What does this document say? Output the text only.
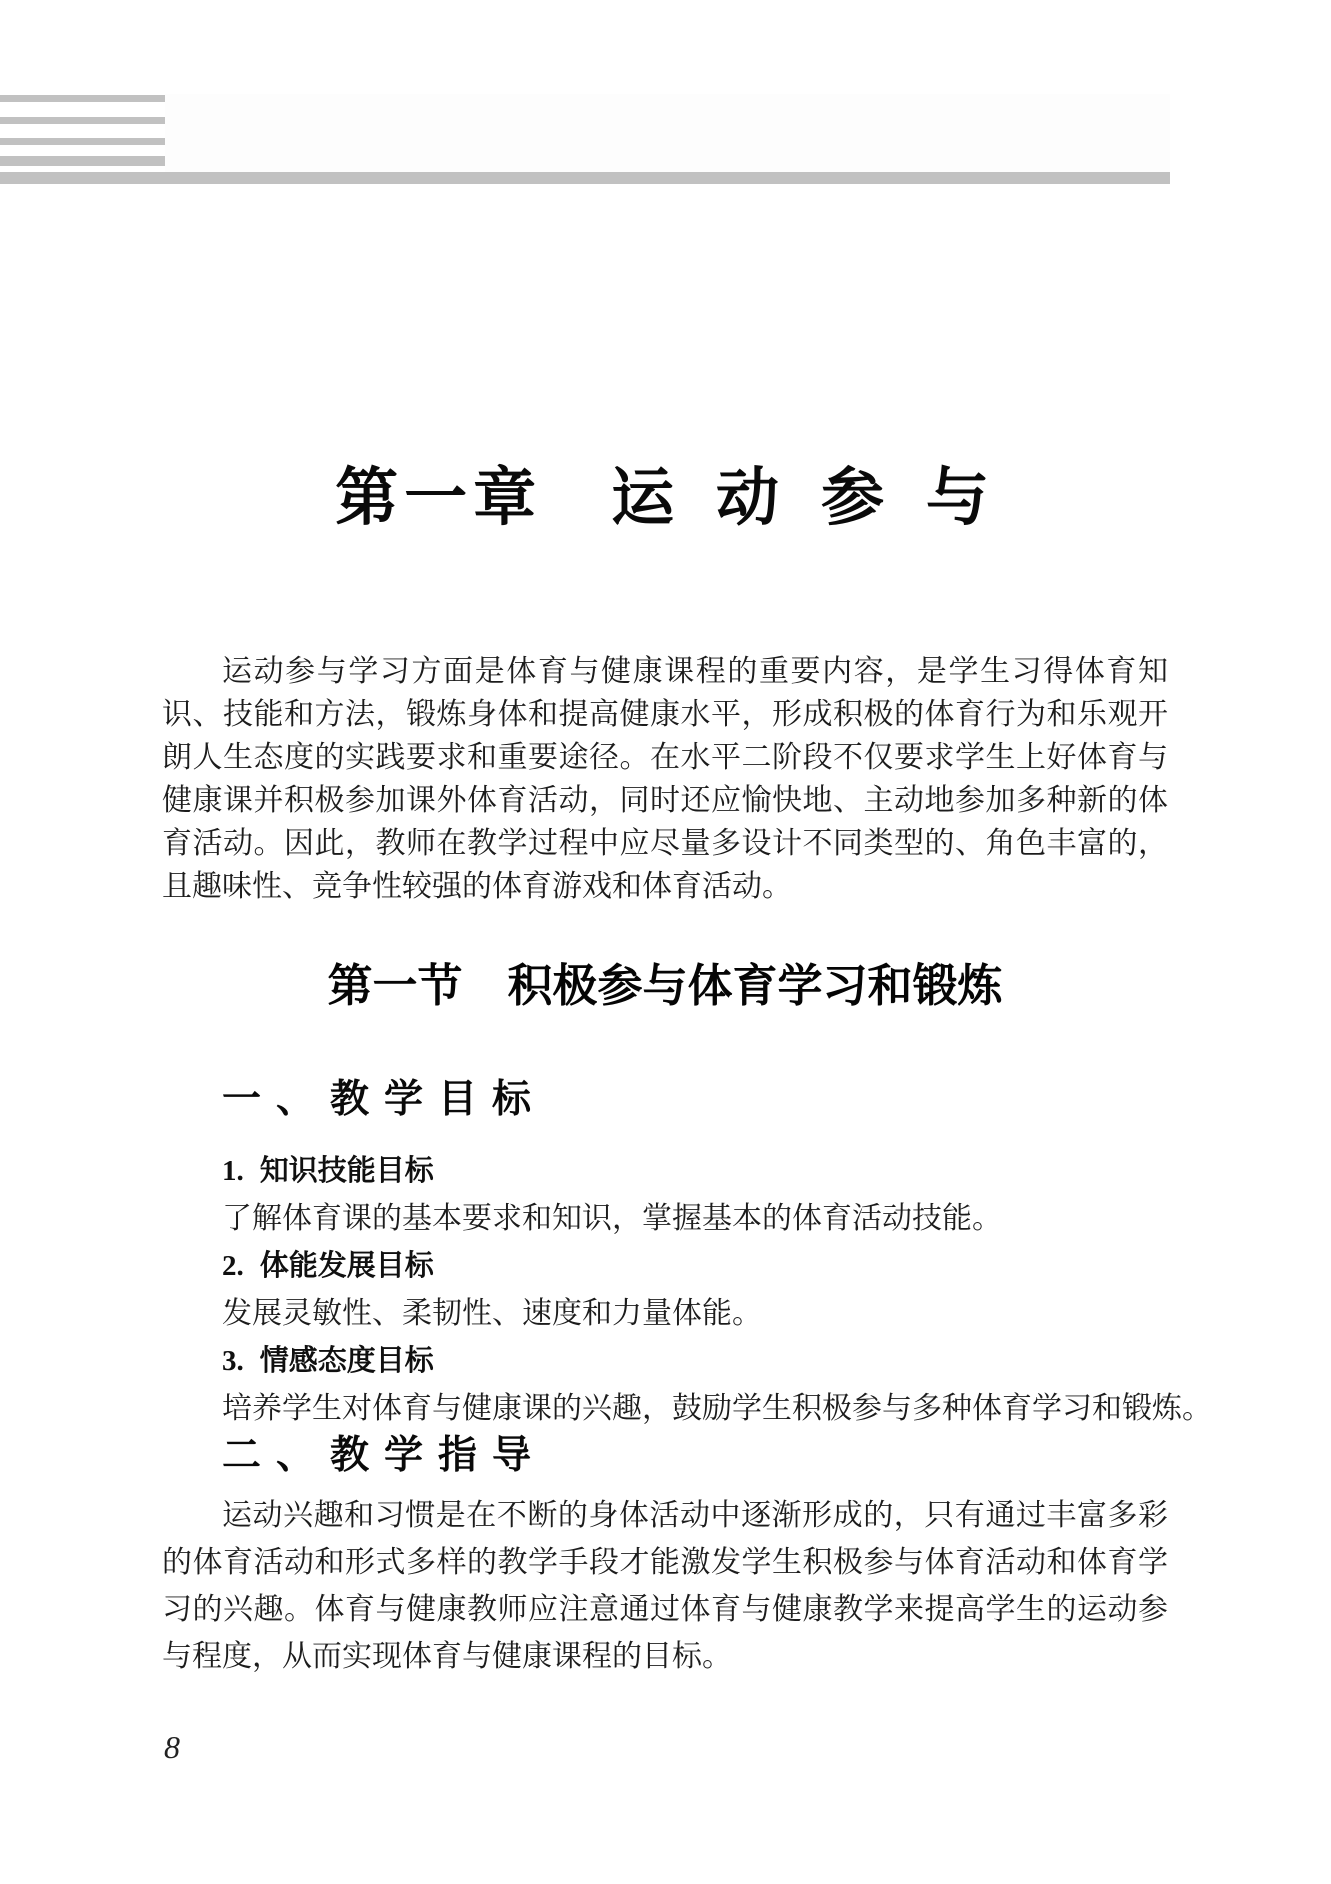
第一章　运 动 参 与

运动参与学习方面是体育与健康课程的重要内容，是学生习得体育知识、技能和方法，锻炼身体和提高健康水平，形成积极的体育行为和乐观开朗人生态度的实践要求和重要途径。在水平二阶段不仅要求学生上好体育与健康课并积极参加课外体育活动，同时还应愉快地、主动地参加多种新的体育活动。因此，教师在教学过程中应尽量多设计不同类型的、角色丰富的，且趣味性、竞争性较强的体育游戏和体育活动。

第一节　积极参与体育学习和锻炼
一、教学目标
1. 知识技能目标
了解体育课的基本要求和知识，掌握基本的体育活动技能。
2. 体能发展目标
发展灵敏性、柔韧性、速度和力量体能。
3. 情感态度目标
培养学生对体育与健康课的兴趣，鼓励学生积极参与多种体育学习和锻炼。
二、教学指导

运动兴趣和习惯是在不断的身体活动中逐渐形成的，只有通过丰富多彩的体育活动和形式多样的教学手段才能激发学生积极参与体育活动和体育学习的兴趣。体育与健康教师应注意通过体育与健康教学来提高学生的运动参与程度，从而实现体育与健康课程的目标。

8
